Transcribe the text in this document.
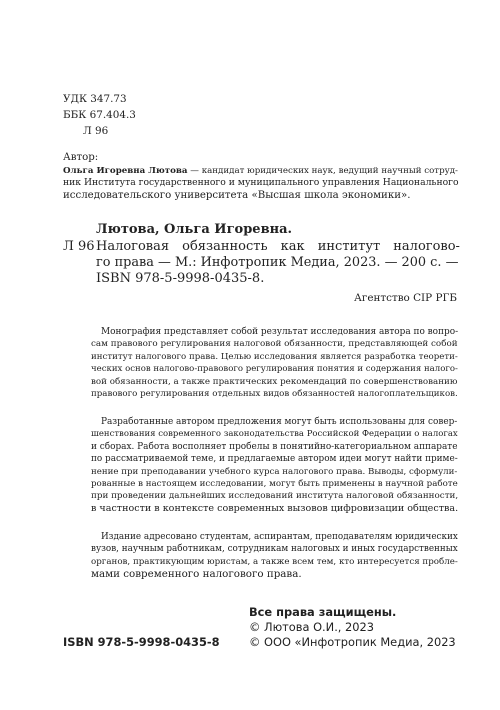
УДК 347.73
ББК 67.404.3
Л 96
Автор:
Ольга Игоревна Лютова — кандидат юридических наук, ведущий научный сотруд-
ник Института государственного и муниципального управления Национального
исследовательского университета «Высшая школа экономики».
Лютова, Ольга Игоревна.
Л 96 Налоговая обязанность как институт налогово-
го права — М.: Инфотропик Медиа, 2023. — 200 с. —
ISBN 978-5-9998-0435-8.
Агентство CIP РГБ
Монография представляет собой результат исследования автора по вопро-
сам правового регулирования налоговой обязанности, представляющей собой
институт налогового права. Целью исследования является разработка теорети-
ческих основ налогово-правового регулирования понятия и содержания налого-
вой обязанности, а также практических рекомендаций по совершенствованию
правового регулирования отдельных видов обязанностей налогоплательщиков.
Разработанные автором предложения могут быть использованы для совер-
шенствования современного законодательства Российской Федерации о налогах
и сборах. Работа восполняет пробелы в понятийно-категориальном аппарате
по рассматриваемой теме, и предлагаемые автором идеи могут найти приме-
нение при преподавании учебного курса налогового права. Выводы, сформули-
рованные в настоящем исследовании, могут быть применены в научной работе
при проведении дальнейших исследований института налоговой обязанности,
в частности в контексте современных вызовов цифровизации общества.
Издание адресовано студентам, аспирантам, преподавателям юридических
вузов, научным работникам, сотрудникам налоговых и иных государственных
органов, практикующим юристам, а также всем тем, кто интересуется пробле-
мами современного налогового права.
Все права защищены.
© Лютова О.И., 2023
© ООО «Инфотропик Медиа, 2023
ISBN 978-5-9998-0435-8
